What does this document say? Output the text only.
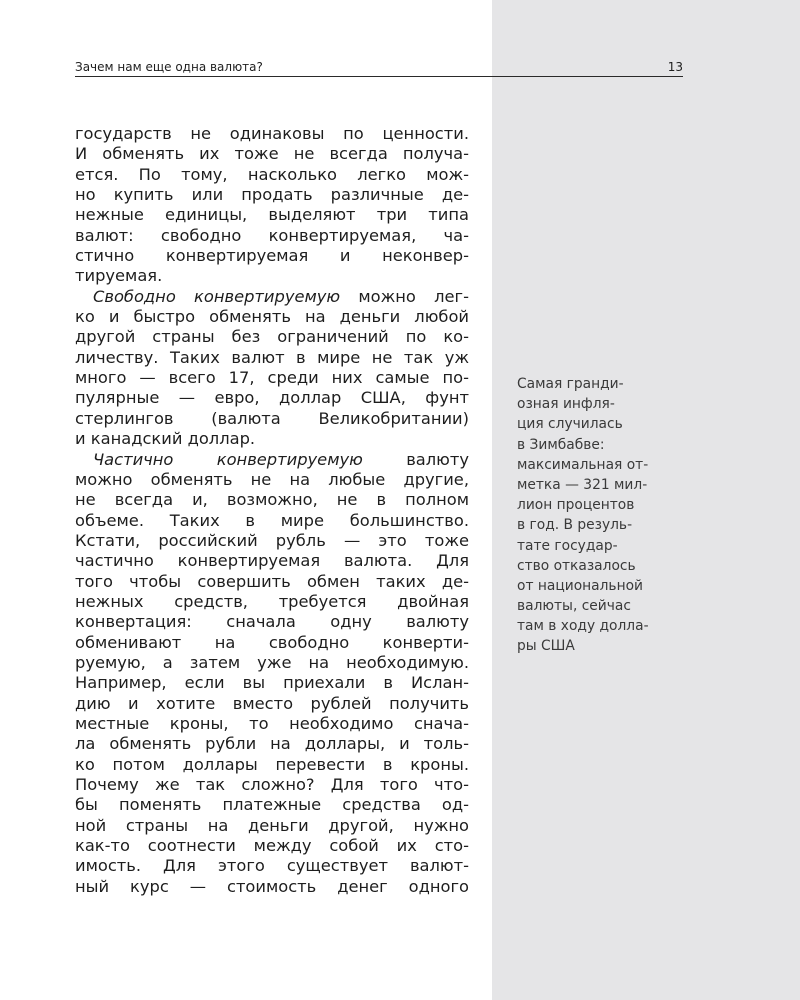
Зачем нам еще одна валюта?	13
государств не одинаковы по ценности.
И обменять их тоже не всегда получа-
ется. По тому, насколько легко мож-
но купить или продать различные де-
нежные единицы, выделяют три типа
валют: свободно конвертируемая, ча-
стично конвертируемая и неконвер-
тируемая.
Свободно конвертируемую можно лег-
ко и быстро обменять на деньги любой
другой страны без ограничений по ко-
личеству. Таких валют в мире не так уж
много — всего 17, среди них самые по-
пулярные — евро, доллар США, фунт
стерлингов (валюта Великобритании)
и канадский доллар.
Частично конвертируемую валюту
можно обменять не на любые другие,
не всегда и, возможно, не в полном
объеме. Таких в мире большинство.
Кстати, российский рубль — это тоже
частично конвертируемая валюта. Для
того чтобы совершить обмен таких де-
нежных средств, требуется двойная
конвертация: сначала одну валюту
обменивают на свободно конверти-
руемую, а затем уже на необходимую.
Например, если вы приехали в Ислан-
дию и хотите вместо рублей получить
местные кроны, то необходимо снача-
ла обменять рубли на доллары, и толь-
ко потом доллары перевести в кроны.
Почему же так сложно? Для того что-
бы поменять платежные средства од-
ной страны на деньги другой, нужно
как-то соотнести между собой их сто-
имость. Для этого существует валют-
ный курс — стоимость денег одного
Самая гранди-
озная инфля-
ция случилась
в Зимбабве:
максимальная от-
метка — 321 мил-
лион процентов
в год. В резуль-
тате государ-
ство отказалось
от национальной
валюты, сейчас
там в ходу долла-
ры США
